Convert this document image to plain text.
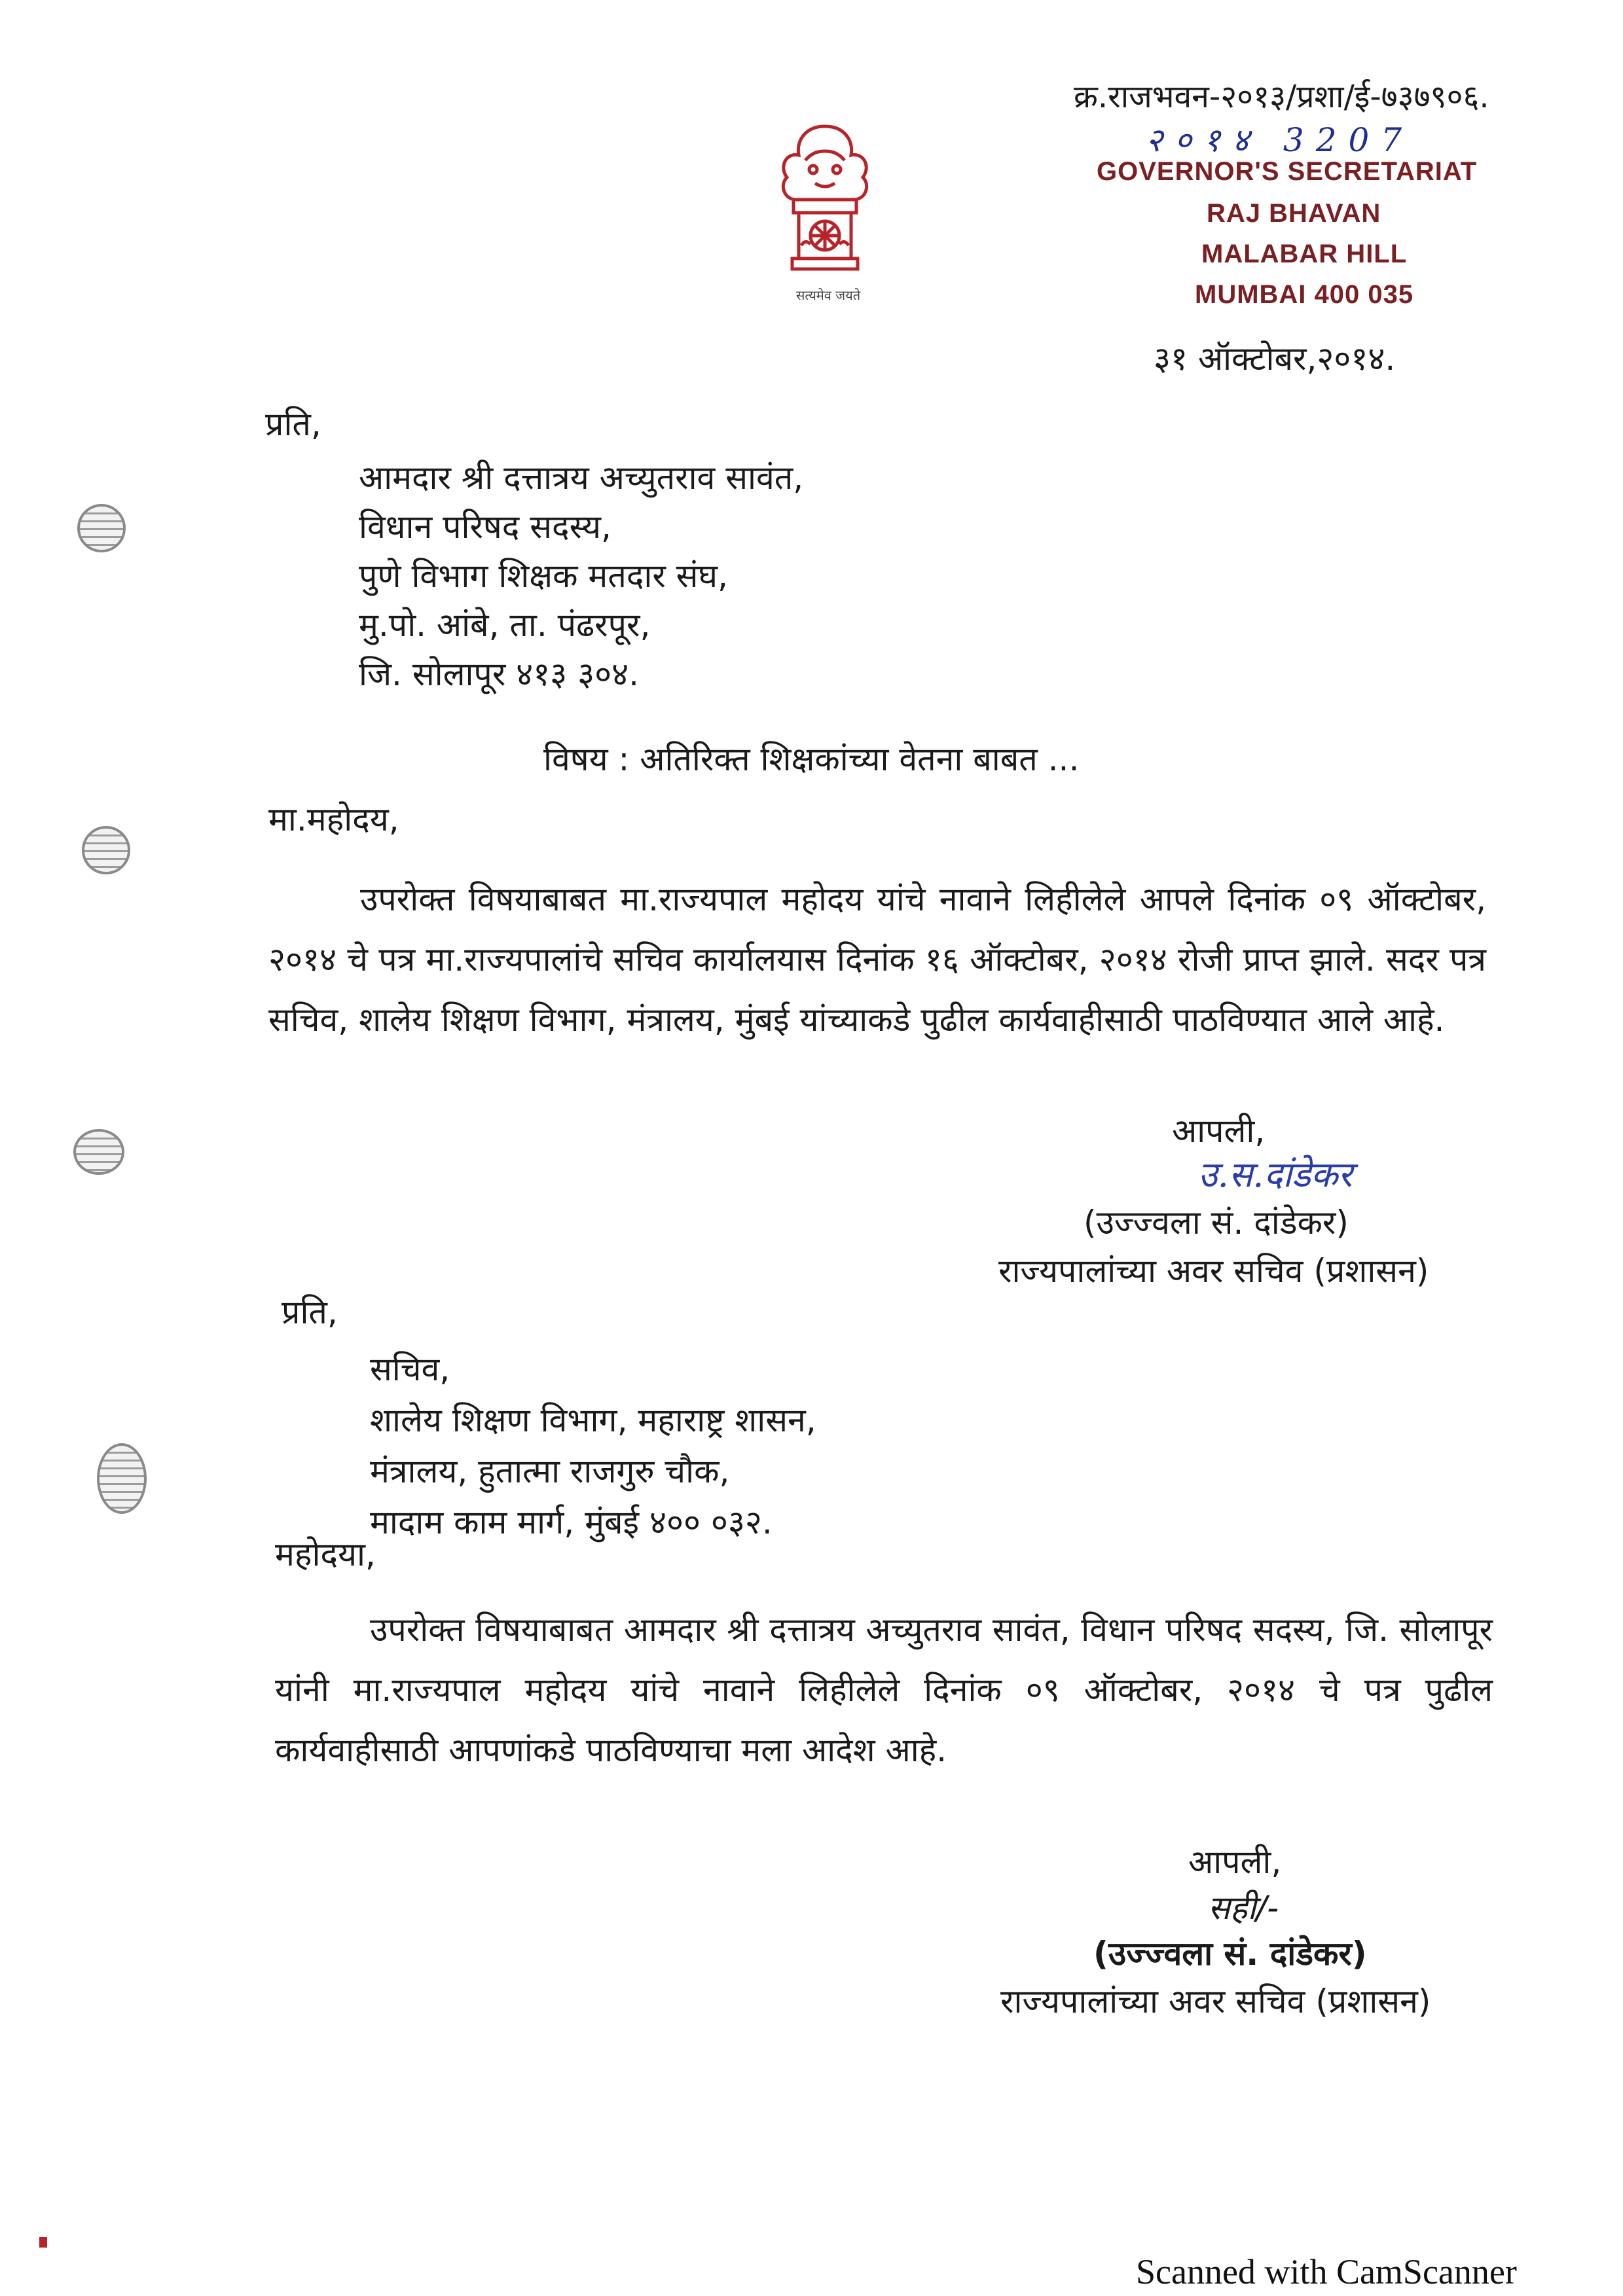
सत्यमेव जयते
क्र.राजभवन-२०१३/प्रशा/ई-७३७९०६.
२०१४ 3207
GOVERNOR'S SECRETARIAT
RAJ BHAVAN
MALABAR HILL
MUMBAI 400 035
३१ ऑक्टोबर,२०१४.
प्रति,
आमदार श्री दत्तात्रय अच्युतराव सावंत,
विधान परिषद सदस्य,
पुणे विभाग शिक्षक मतदार संघ,
मु.पो. आंबे, ता. पंढरपूर,
जि. सोलापूर ४१३ ३०४.
विषय : अतिरिक्त शिक्षकांच्या वेतना बाबत ...
मा.महोदय,
उपरोक्त विषयाबाबत मा.राज्यपाल महोदय यांचे नावाने लिहीलेले आपले दिनांक ०९ ऑक्टोबर, २०१४ चे पत्र मा.राज्यपालांचे सचिव कार्यालयास दिनांक १६ ऑक्टोबर, २०१४ रोजी प्राप्त झाले. सदर पत्र सचिव, शालेय शिक्षण विभाग, मंत्रालय, मुंबई यांच्याकडे पुढील कार्यवाहीसाठी पाठविण्यात आले आहे.
आपली,
उ.स.दांडेकर
(उज्ज्वला सं. दांडेकर)
राज्यपालांच्या अवर सचिव (प्रशासन)
प्रति,
सचिव,
शालेय शिक्षण विभाग, महाराष्ट्र शासन,
मंत्रालय, हुतात्मा राजगुरु चौक,
मादाम काम मार्ग, मुंबई ४०० ०३२.
महोदया,
उपरोक्त विषयाबाबत आमदार श्री दत्तात्रय अच्युतराव सावंत, विधान परिषद सदस्य, जि. सोलापूर यांनी मा.राज्यपाल महोदय यांचे नावाने लिहीलेले दिनांक ०९ ऑक्टोबर, २०१४ चे पत्र पुढील कार्यवाहीसाठी आपणांकडे पाठविण्याचा मला आदेश आहे.
आपली,
सही/-
(उज्ज्वला सं. दांडेकर)
राज्यपालांच्या अवर सचिव (प्रशासन)
Scanned with CamScanner
